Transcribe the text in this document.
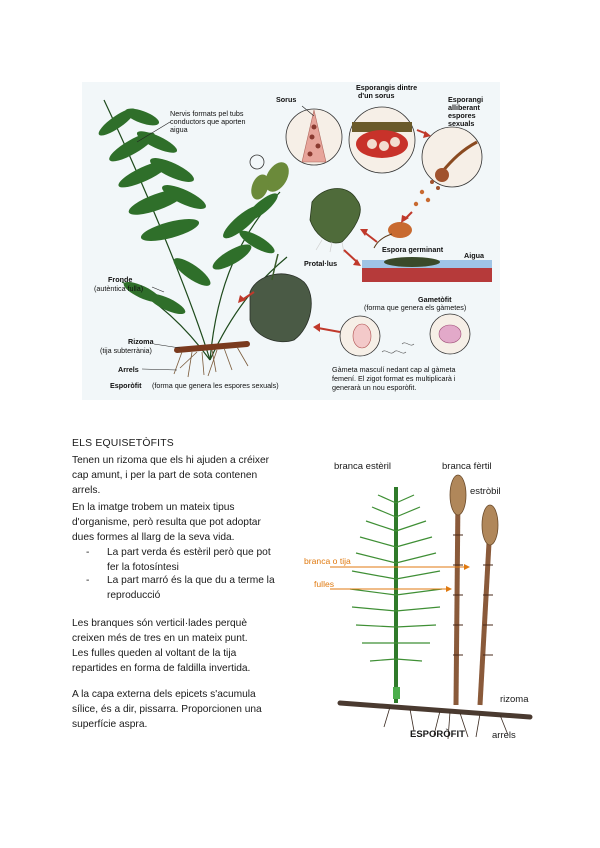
Nervis formats pel tubs
conductors que aporten
aigua
Sorus
Esporangis dintre
d'un sorus	Esporangi
alliberant
espores
sexuals
Fronde
(autèntica fulla)
Espora germinant
Aigua
Protal·lus
Gametòfit
(forma que genera els gàmetes)
Rizoma
(tija subterrània)
Arrels
Esporòfit (forma que genera les espores sexuals)
Gàmeta masculí nedant cap al gàmeta
femení. El zigot format es multiplicarà i
generarà un nou esporòfit.
ELS EQUISETÒFITS
Tenen un rizoma que els hi ajuden a créixer
cap amunt, i per la part de sota contenen
arrels.
En la imatge trobem un mateix tipus
d'organisme, però resulta que pot adoptar
dues formes al llarg de la seva vida.
- La part verda és estèril però que pot
fer la fotosíntesi
- La part marró és la que du a terme la
reproducció
Les branques són verticil·lades perquè
creixen més de tres en un mateix punt.
Les fulles queden al voltant de la tija
repartides en forma de faldilla invertida.
A la capa externa dels epicets s'acumula
sílice, és a dir, pissarra. Proporcionen una
superfície aspra.
branca estèril	branca fèrtil
estròbil
branca o tija
fulles
rizoma
ESPORÒFIT	arrels
